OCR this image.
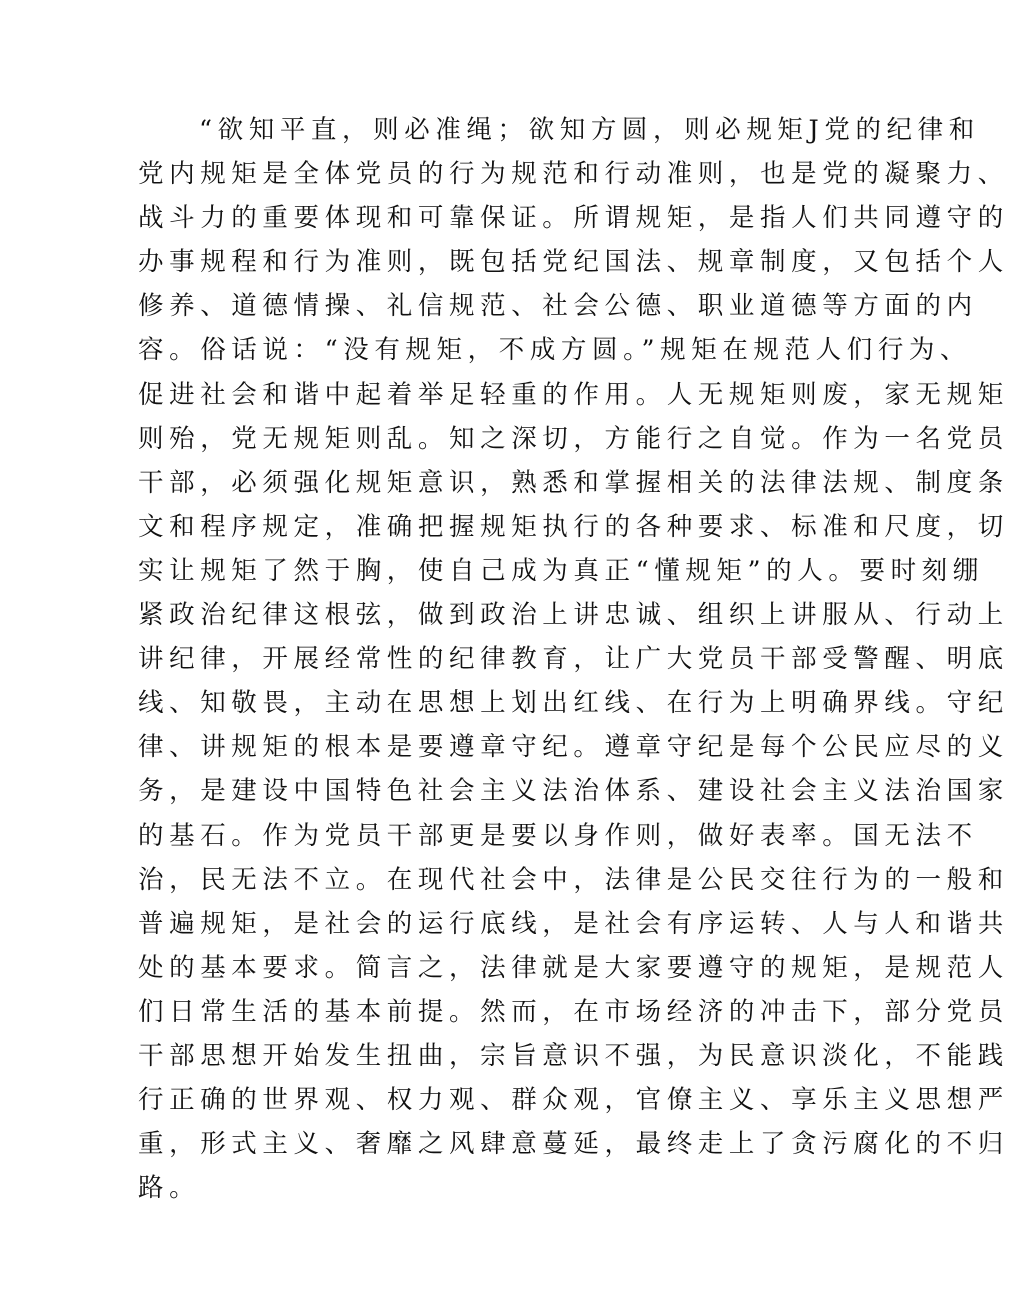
“欲知平直，则必准绳；欲知方圆，则必规矩J党的纪律和
党内规矩是全体党员的行为规范和行动准则，也是党的凝聚力、
战斗力的重要体现和可靠保证。所谓规矩，是指人们共同遵守的
办事规程和行为准则，既包括党纪国法、规章制度，又包括个人
修养、道德情操、礼信规范、社会公德、职业道德等方面的内
容。俗话说：“没有规矩，不成方圆。”规矩在规范人们行为、
促进社会和谐中起着举足轻重的作用。人无规矩则废，家无规矩
则殆，党无规矩则乱。知之深切，方能行之自觉。作为一名党员
干部，必须强化规矩意识，熟悉和掌握相关的法律法规、制度条
文和程序规定，准确把握规矩执行的各种要求、标准和尺度，切
实让规矩了然于胸，使自己成为真正“懂规矩”的人。要时刻绷
紧政治纪律这根弦，做到政治上讲忠诚、组织上讲服从、行动上
讲纪律，开展经常性的纪律教育，让广大党员干部受警醒、明底
线、知敬畏，主动在思想上划出红线、在行为上明确界线。守纪
律、讲规矩的根本是要遵章守纪。遵章守纪是每个公民应尽的义
务，是建设中国特色社会主义法治体系、建设社会主义法治国家
的基石。作为党员干部更是要以身作则，做好表率。国无法不
治，民无法不立。在现代社会中，法律是公民交往行为的一般和
普遍规矩，是社会的运行底线，是社会有序运转、人与人和谐共
处的基本要求。简言之，法律就是大家要遵守的规矩，是规范人
们日常生活的基本前提。然而，在市场经济的冲击下，部分党员
干部思想开始发生扭曲，宗旨意识不强，为民意识淡化，不能践
行正确的世界观、权力观、群众观，官僚主义、享乐主义思想严
重，形式主义、奢靡之风肆意蔓延，最终走上了贪污腐化的不归
路。
